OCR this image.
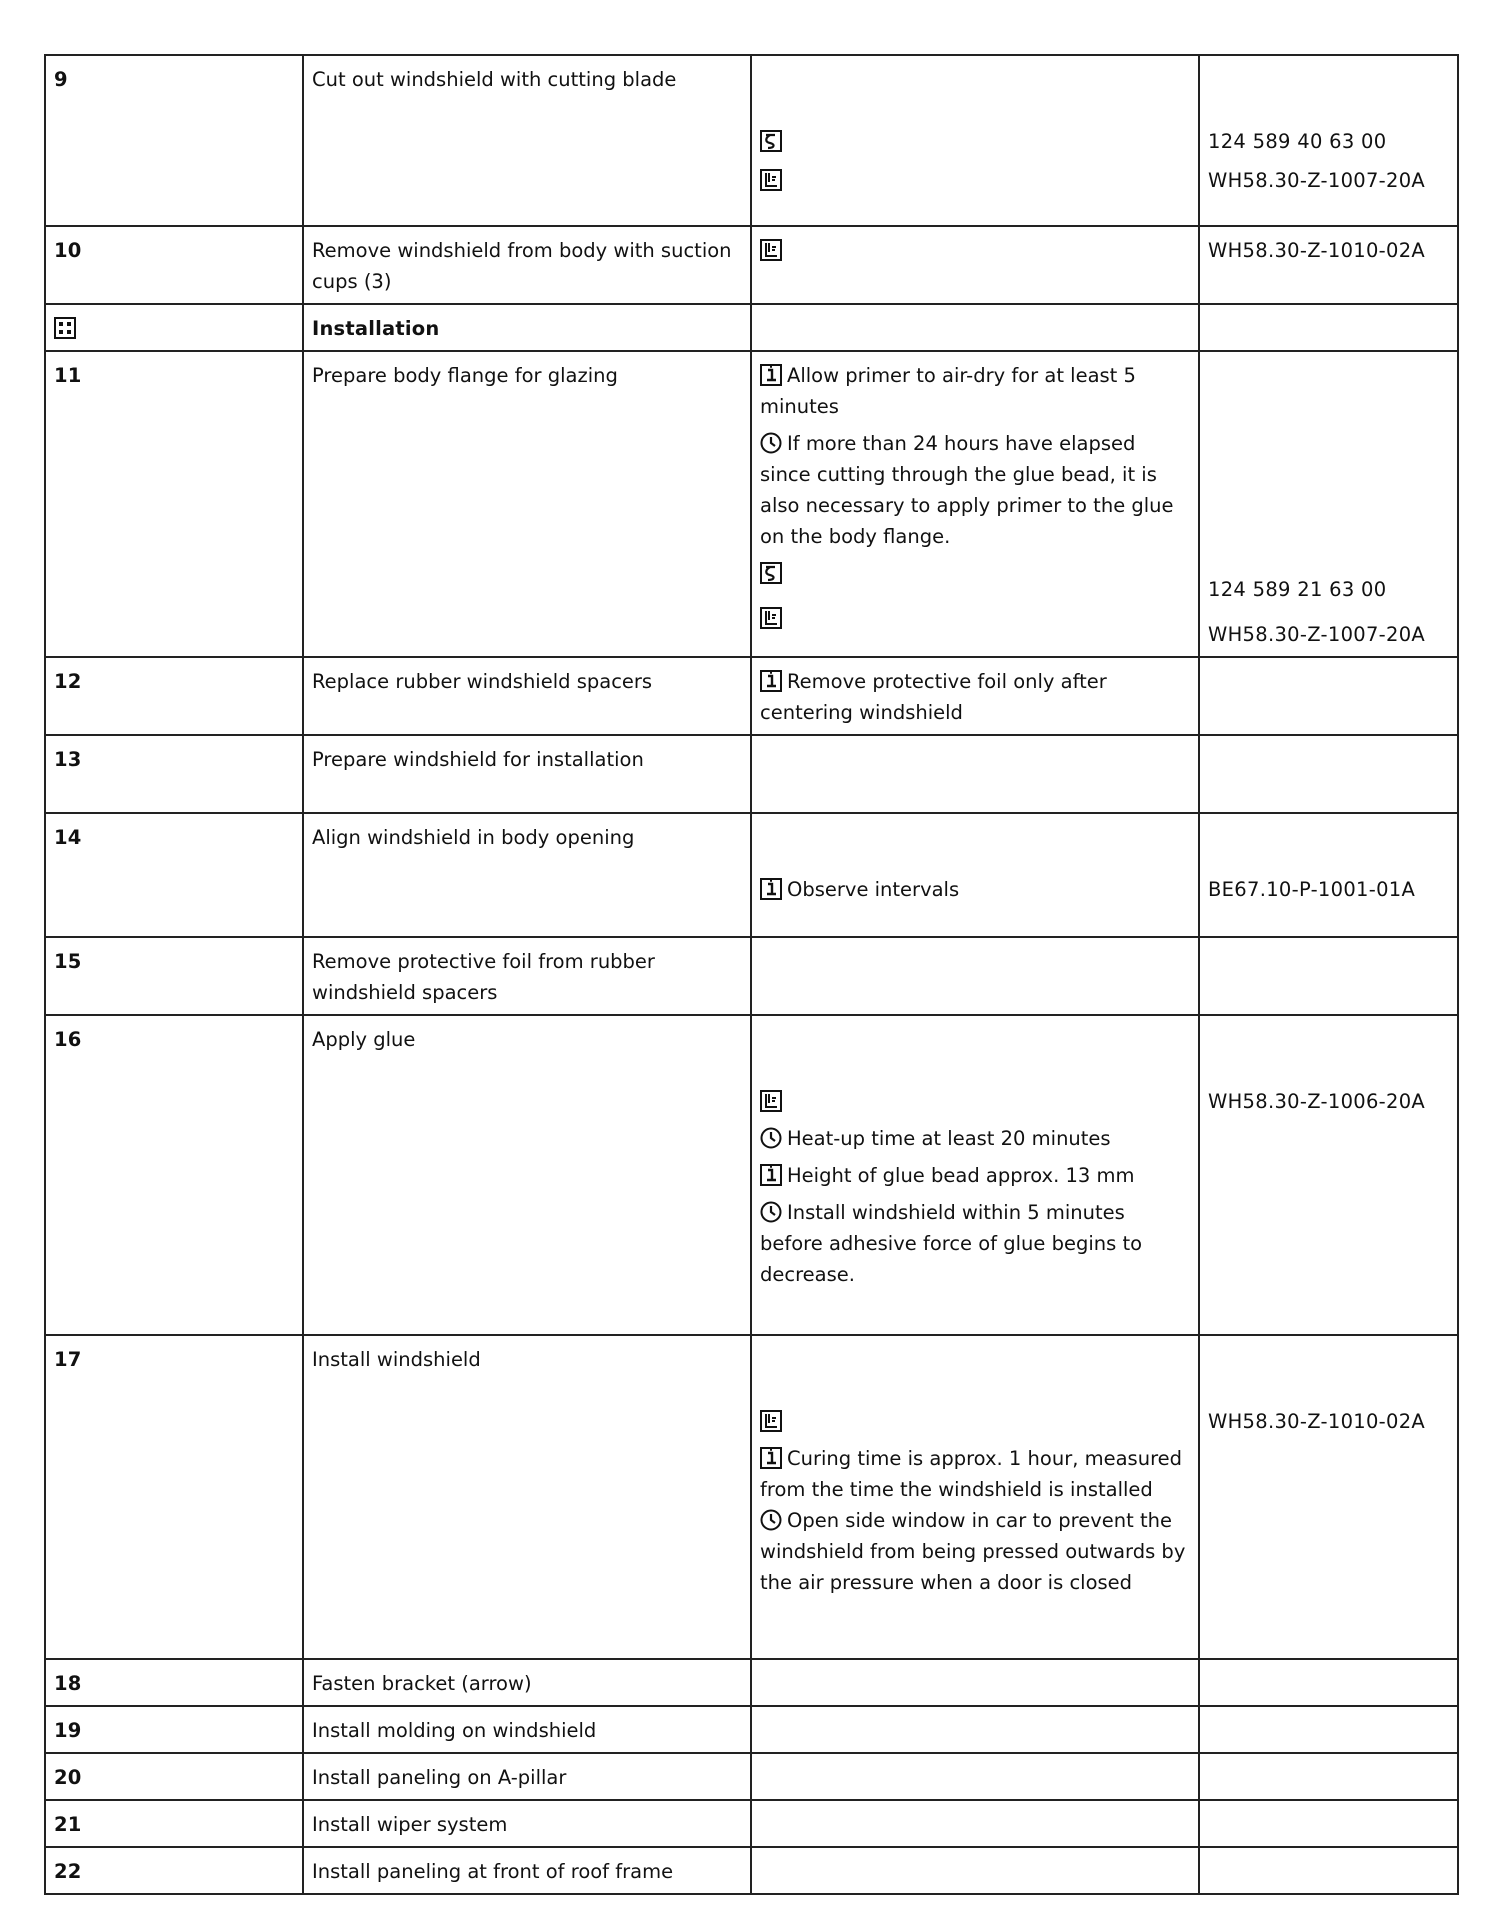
9	Cut out windshield with cutting blade		124 589 40 63 00
WH58.30-Z-1007-20A

10	Remove windshield from body with suction cups (3)		WH58.30-Z-1010-02A

	Installation		
11	Prepare body flange for glazing	Allow primer to air-dry for at least 5 minutes
If more than 24 hours have elapsed since cutting through the glue bead, it is also necessary to apply primer to the glue on the body flange.	124 589 21 63 00
WH58.30-Z-1007-20A

12	Replace rubber windshield spacers	Remove protective foil only after centering windshield	
13	Prepare windshield for installation		
14	Align windshield in body opening	Observe intervals	BE67.10-P-1001-01A

15	Remove protective foil from rubber windshield spacers		
16	Apply glue	Heat-up time at least 20 minutes
Height of glue bead approx. 13 mm
Install windshield within 5 minutes before adhesive force of glue begins to decrease.	WH58.30-Z-1006-20A

17	Install windshield	Curing time is approx. 1 hour, measured from the time the windshield is installed
Open side window in car to prevent the windshield from being pressed outwards by the air pressure when a door is closed	WH58.30-Z-1010-02A

18	Fasten bracket (arrow)		
19	Install molding on windshield		
20	Install paneling on A-pillar		
21	Install wiper system		
22	Install paneling at front of roof frame		
